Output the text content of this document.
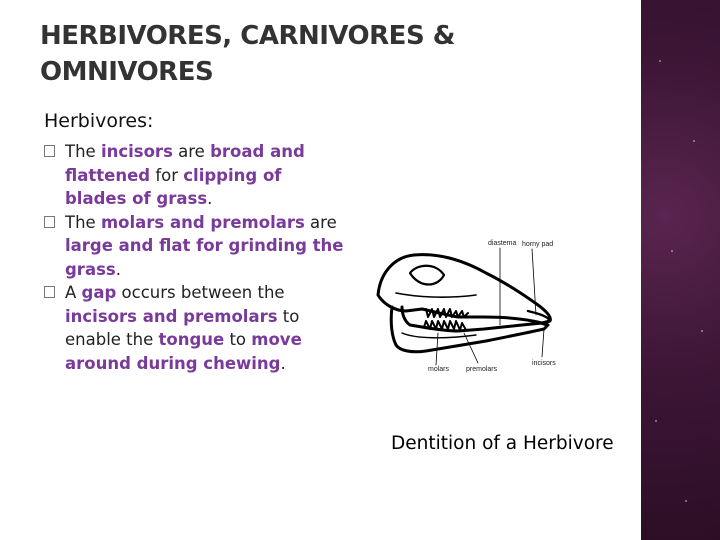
HERBIVORES, CARNIVORES & OMNIVORES

Herbivores:

The incisors are broad and flattened for clipping of blades of grass.
The molars and premolars are large and flat for grinding the grass.
A gap occurs between the incisors and premolars to enable the tongue to move around during chewing.
diastema horny pad
molars premolars
incisors

Dentition of a Herbivore
